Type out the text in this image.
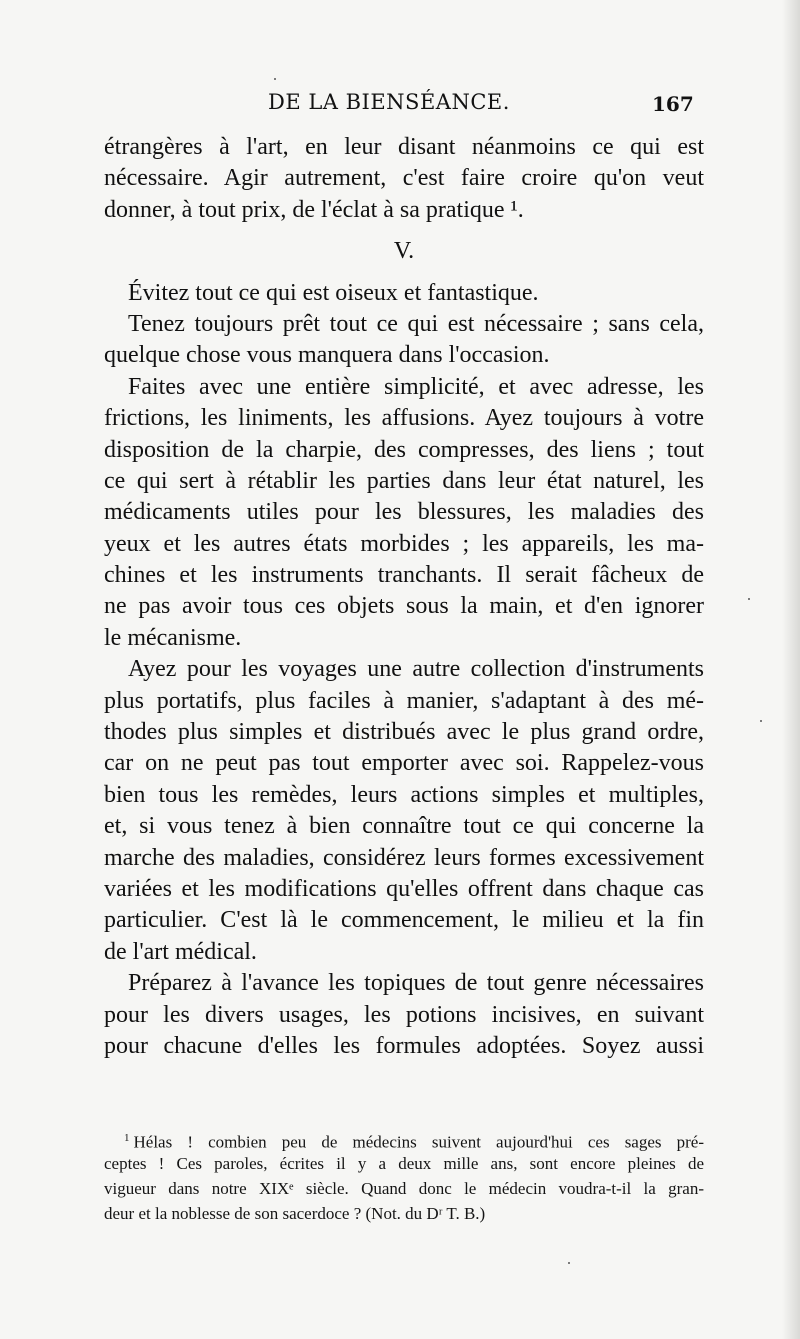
DE LA BIENSÉANCE.	167
étrangères à l'art, en leur disant néanmoins ce qui est
nécessaire. Agir autrement, c'est faire croire qu'on veut
donner, à tout prix, de l'éclat à sa pratique ¹.
V.
Évitez tout ce qui est oiseux et fantastique.
Tenez toujours prêt tout ce qui est nécessaire ; sans cela,
quelque chose vous manquera dans l'occasion.
Faites avec une entière simplicité, et avec adresse, les
frictions, les liniments, les affusions. Ayez toujours à votre
disposition de la charpie, des compresses, des liens ; tout
ce qui sert à rétablir les parties dans leur état naturel, les
médicaments utiles pour les blessures, les maladies des
yeux et les autres états morbides ; les appareils, les ma-
chines et les instruments tranchants. Il serait fâcheux de
ne pas avoir tous ces objets sous la main, et d'en ignorer
le mécanisme.
Ayez pour les voyages une autre collection d'instruments
plus portatifs, plus faciles à manier, s'adaptant à des mé-
thodes plus simples et distribués avec le plus grand ordre,
car on ne peut pas tout emporter avec soi. Rappelez-vous
bien tous les remèdes, leurs actions simples et multiples,
et, si vous tenez à bien connaître tout ce qui concerne la
marche des maladies, considérez leurs formes excessivement
variées et les modifications qu'elles offrent dans chaque cas
particulier. C'est là le commencement, le milieu et la fin
de l'art médical.
Préparez à l'avance les topiques de tout genre nécessaires
pour les divers usages, les potions incisives, en suivant
pour chacune d'elles les formules adoptées. Soyez aussi
$^1$ Hélas ! combien peu de médecins suivent aujourd'hui ces sages pré-
ceptes ! Ces paroles, écrites il y a deux mille ans, sont encore pleines de
vigueur dans notre XIXᵉ siècle. Quand donc le médecin voudra-t-il la gran-
deur et la noblesse de son sacerdoce ? (Not. du Dʳ T. B.)
